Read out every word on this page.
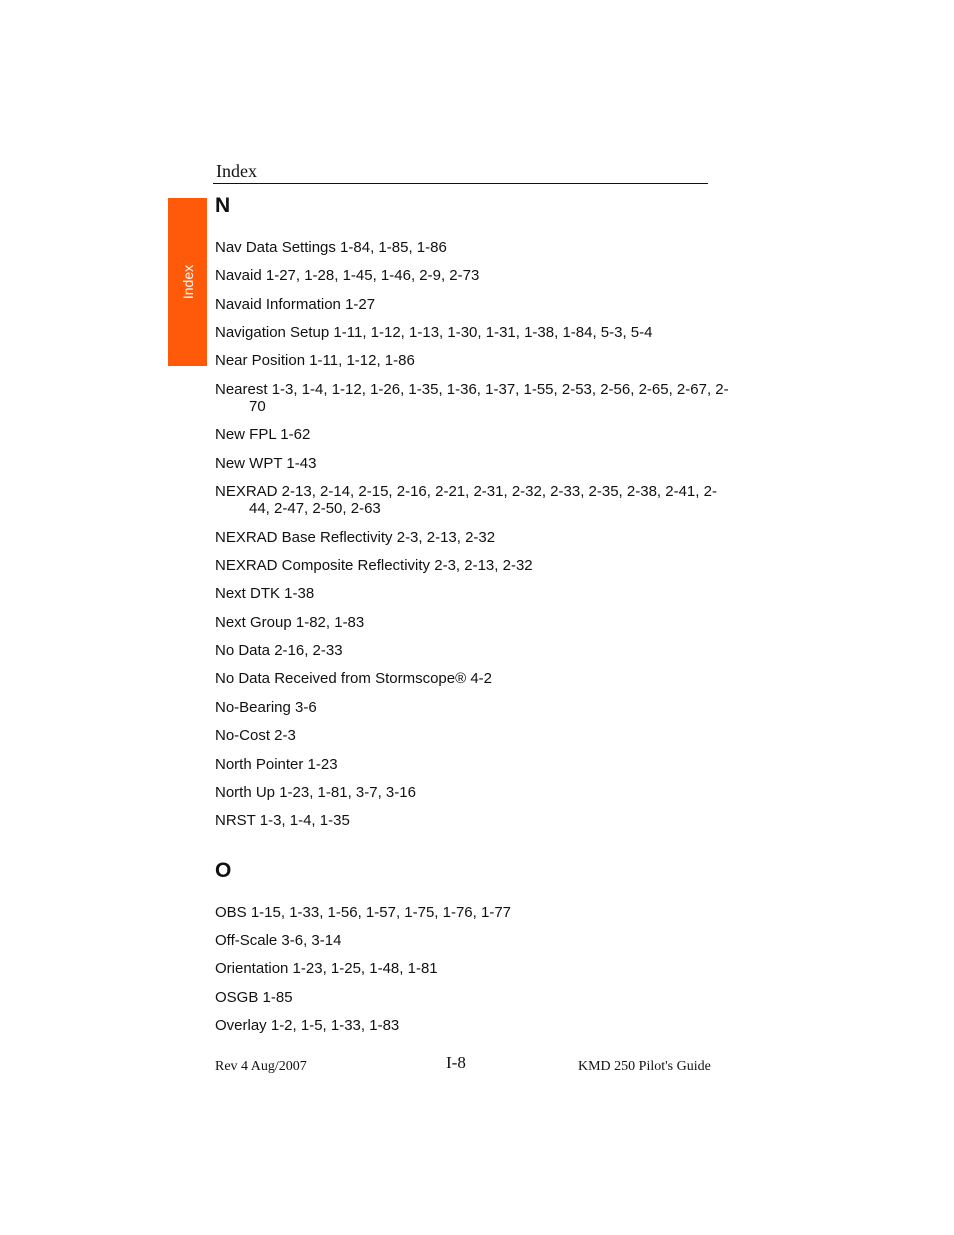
Index
Index
N
Nav Data Settings 1-84, 1-85, 1-86
Navaid 1-27, 1-28, 1-45, 1-46, 2-9, 2-73
Navaid Information 1-27
Navigation Setup 1-11, 1-12, 1-13, 1-30, 1-31, 1-38, 1-84, 5-3, 5-4
Near Position 1-11, 1-12, 1-86
Nearest 1-3, 1-4, 1-12, 1-26, 1-35, 1-36, 1-37, 1-55, 2-53, 2-56, 2-65, 2-67, 2-70
New FPL 1-62
New WPT 1-43
NEXRAD 2-13, 2-14, 2-15, 2-16, 2-21, 2-31, 2-32, 2-33, 2-35, 2-38, 2-41, 2-44, 2-47, 2-50, 2-63
NEXRAD Base Reflectivity 2-3, 2-13, 2-32
NEXRAD Composite Reflectivity 2-3, 2-13, 2-32
Next DTK 1-38
Next Group 1-82, 1-83
No Data 2-16, 2-33
No Data Received from Stormscope® 4-2
No-Bearing 3-6
No-Cost 2-3
North Pointer 1-23
North Up 1-23, 1-81, 3-7, 3-16
NRST 1-3, 1-4, 1-35
O
OBS 1-15, 1-33, 1-56, 1-57, 1-75, 1-76, 1-77
Off-Scale 3-6, 3-14
Orientation 1-23, 1-25, 1-48, 1-81
OSGB 1-85
Overlay 1-2, 1-5, 1-33, 1-83
Rev 4 Aug/2007	I-8	KMD 250 Pilot's Guide
